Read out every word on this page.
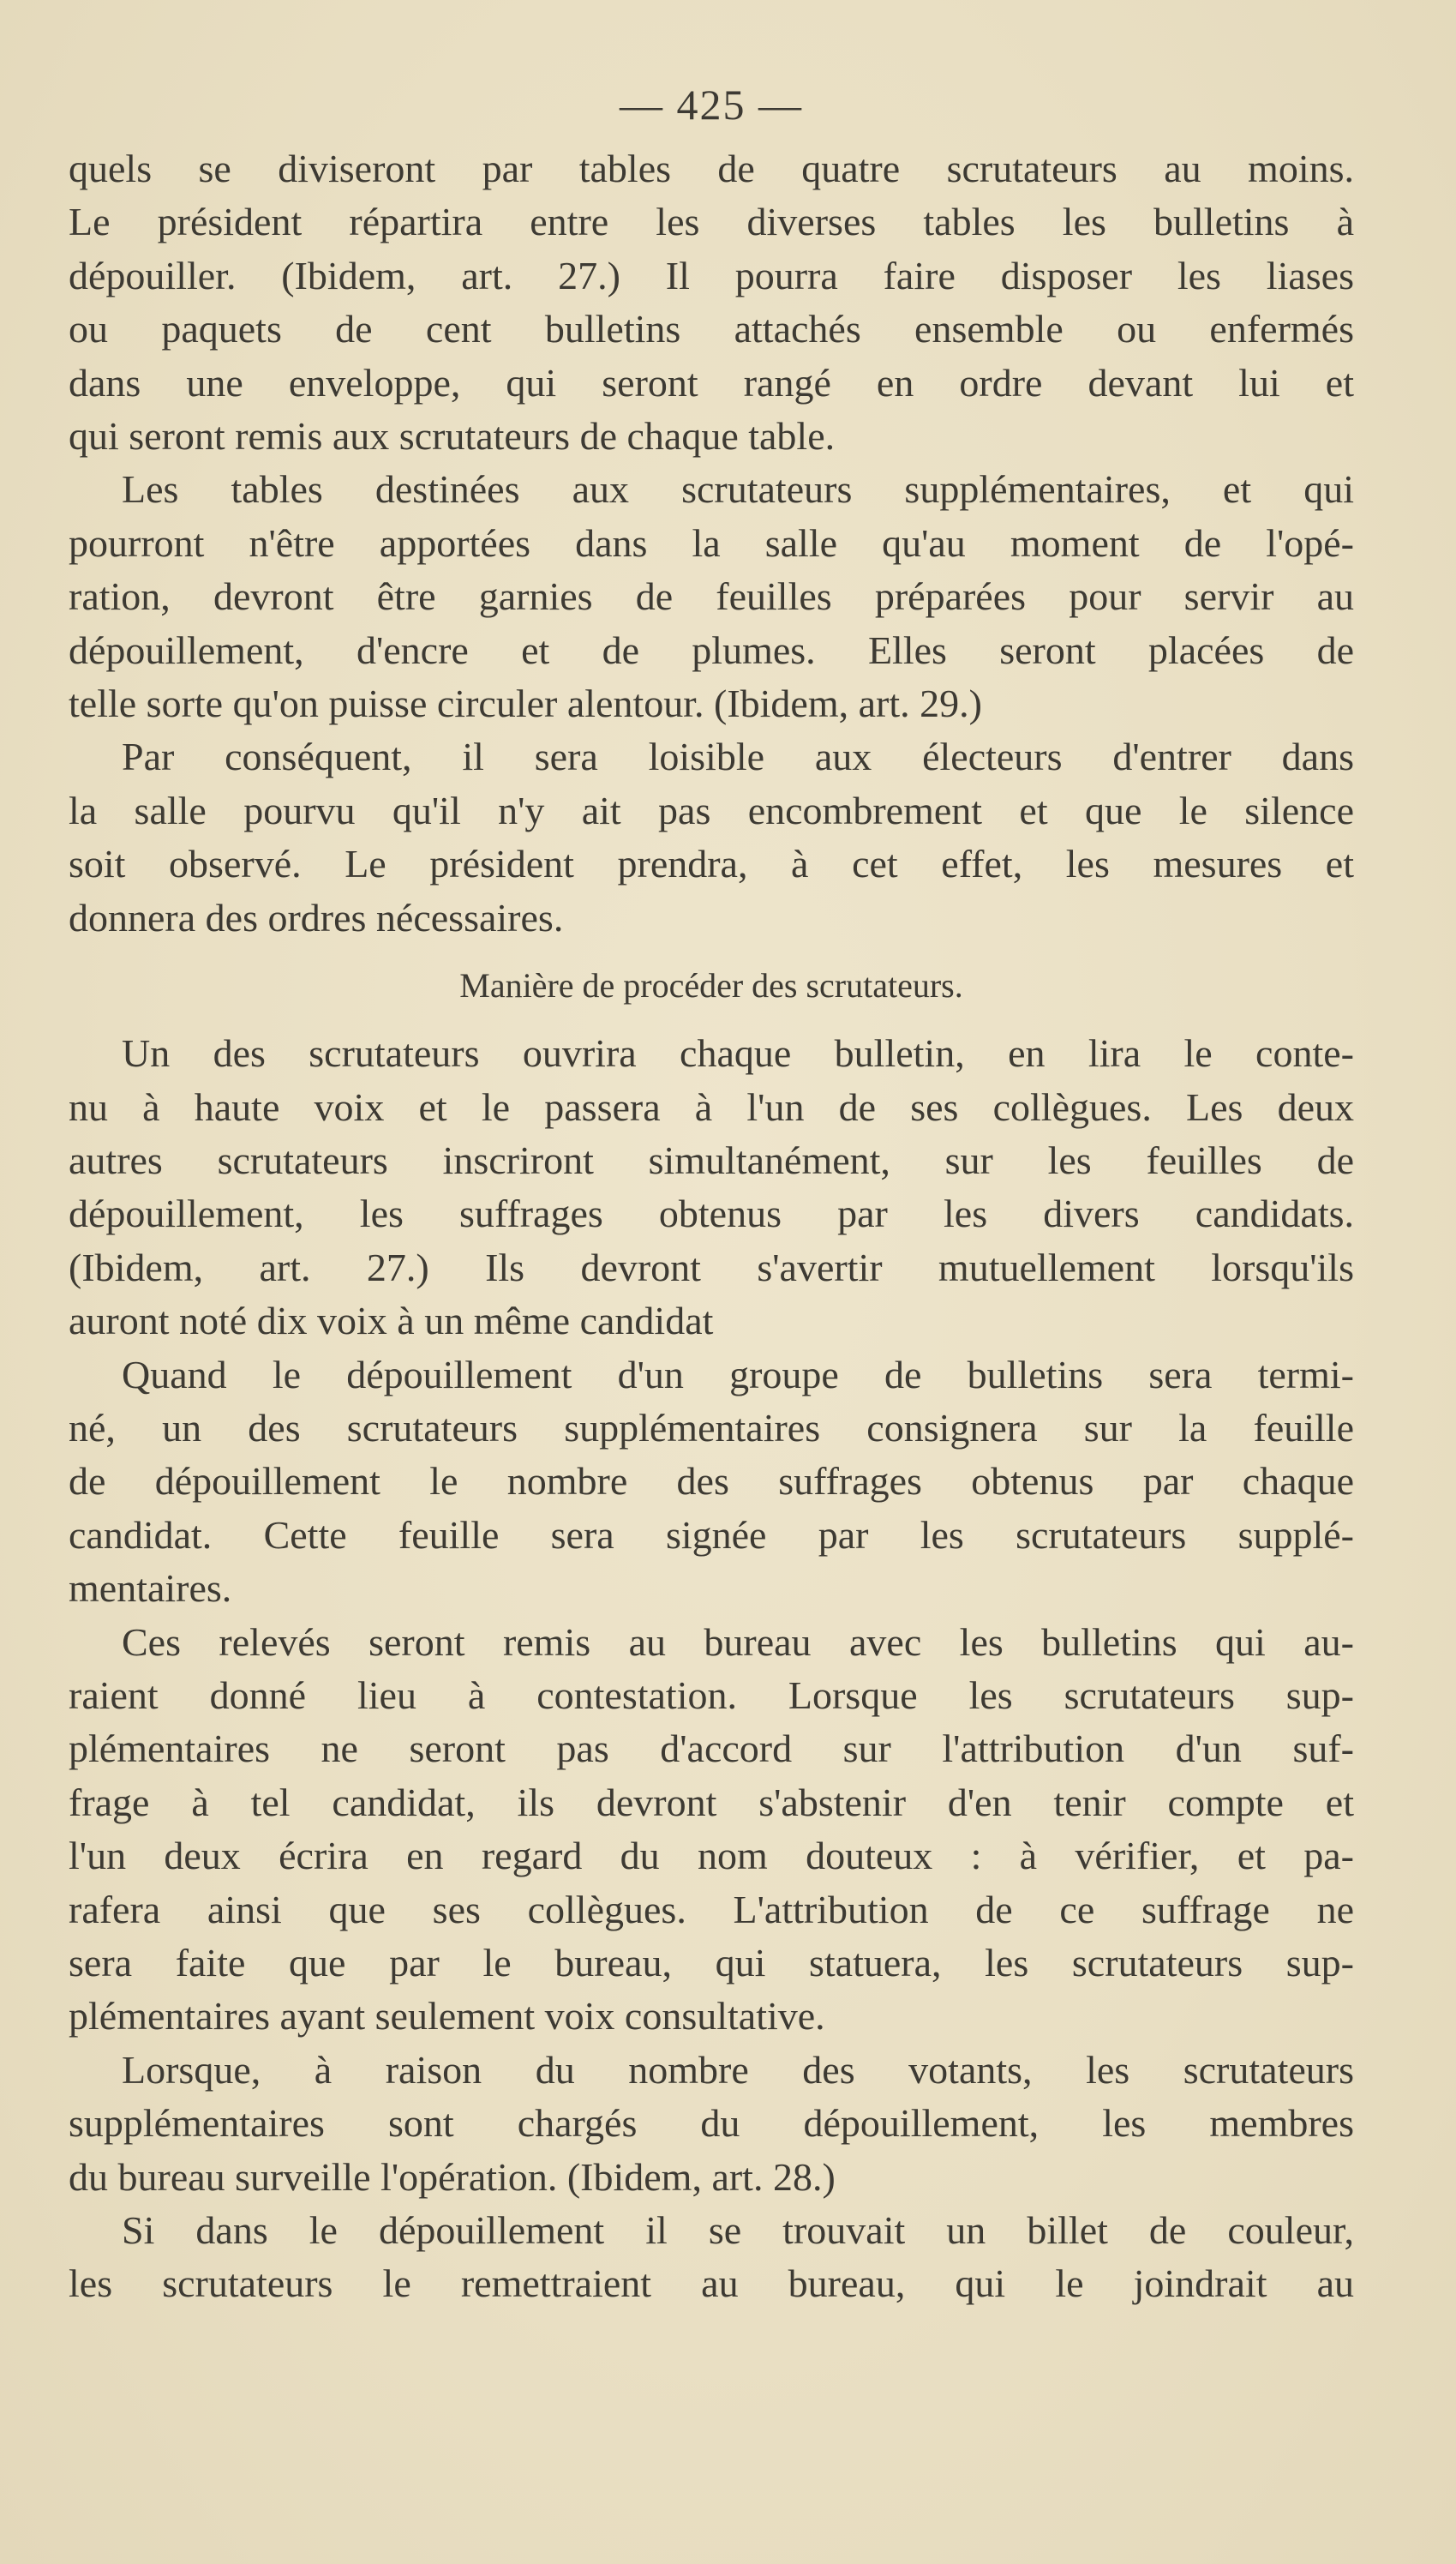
— 425 —
quels se diviseront par tables de quatre scrutateurs au moins.
Le président répartira entre les diverses tables les bulletins à
dépouiller. (Ibidem, art. 27.) Il pourra faire disposer les liases
ou paquets de cent bulletins attachés ensemble ou enfermés
dans une enveloppe, qui seront rangé en ordre devant lui et
qui seront remis aux scrutateurs de chaque table.
Les tables destinées aux scrutateurs supplémentaires, et qui
pourront n'être apportées dans la salle qu'au moment de l'opé-
ration, devront être garnies de feuilles préparées pour servir au
dépouillement, d'encre et de plumes. Elles seront placées de
telle sorte qu'on puisse circuler alentour. (Ibidem, art. 29.)
Par conséquent, il sera loisible aux électeurs d'entrer dans
la salle pourvu qu'il n'y ait pas encombrement et que le silence
soit observé. Le président prendra, à cet effet, les mesures et
donnera des ordres nécessaires.
Manière de procéder des scrutateurs.
Un des scrutateurs ouvrira chaque bulletin, en lira le conte-
nu à haute voix et le passera à l'un de ses collègues. Les deux
autres scrutateurs inscriront simultanément, sur les feuilles de
dépouillement, les suffrages obtenus par les divers candidats.
(Ibidem, art. 27.) Ils devront s'avertir mutuellement lorsqu'ils
auront noté dix voix à un même candidat
Quand le dépouillement d'un groupe de bulletins sera termi-
né, un des scrutateurs supplémentaires consignera sur la feuille
de dépouillement le nombre des suffrages obtenus par chaque
candidat. Cette feuille sera signée par les scrutateurs supplé-
mentaires.
Ces relevés seront remis au bureau avec les bulletins qui au-
raient donné lieu à contestation. Lorsque les scrutateurs sup-
plémentaires ne seront pas d'accord sur l'attribution d'un suf-
frage à tel candidat, ils devront s'abstenir d'en tenir compte et
l'un deux écrira en regard du nom douteux : à vérifier, et pa-
rafera ainsi que ses collègues. L'attribution de ce suffrage ne
sera faite que par le bureau, qui statuera, les scrutateurs sup-
plémentaires ayant seulement voix consultative.
Lorsque, à raison du nombre des votants, les scrutateurs
supplémentaires sont chargés du dépouillement, les membres
du bureau surveille l'opération. (Ibidem, art. 28.)
Si dans le dépouillement il se trouvait un billet de couleur,
les scrutateurs le remettraient au bureau, qui le joindrait au
